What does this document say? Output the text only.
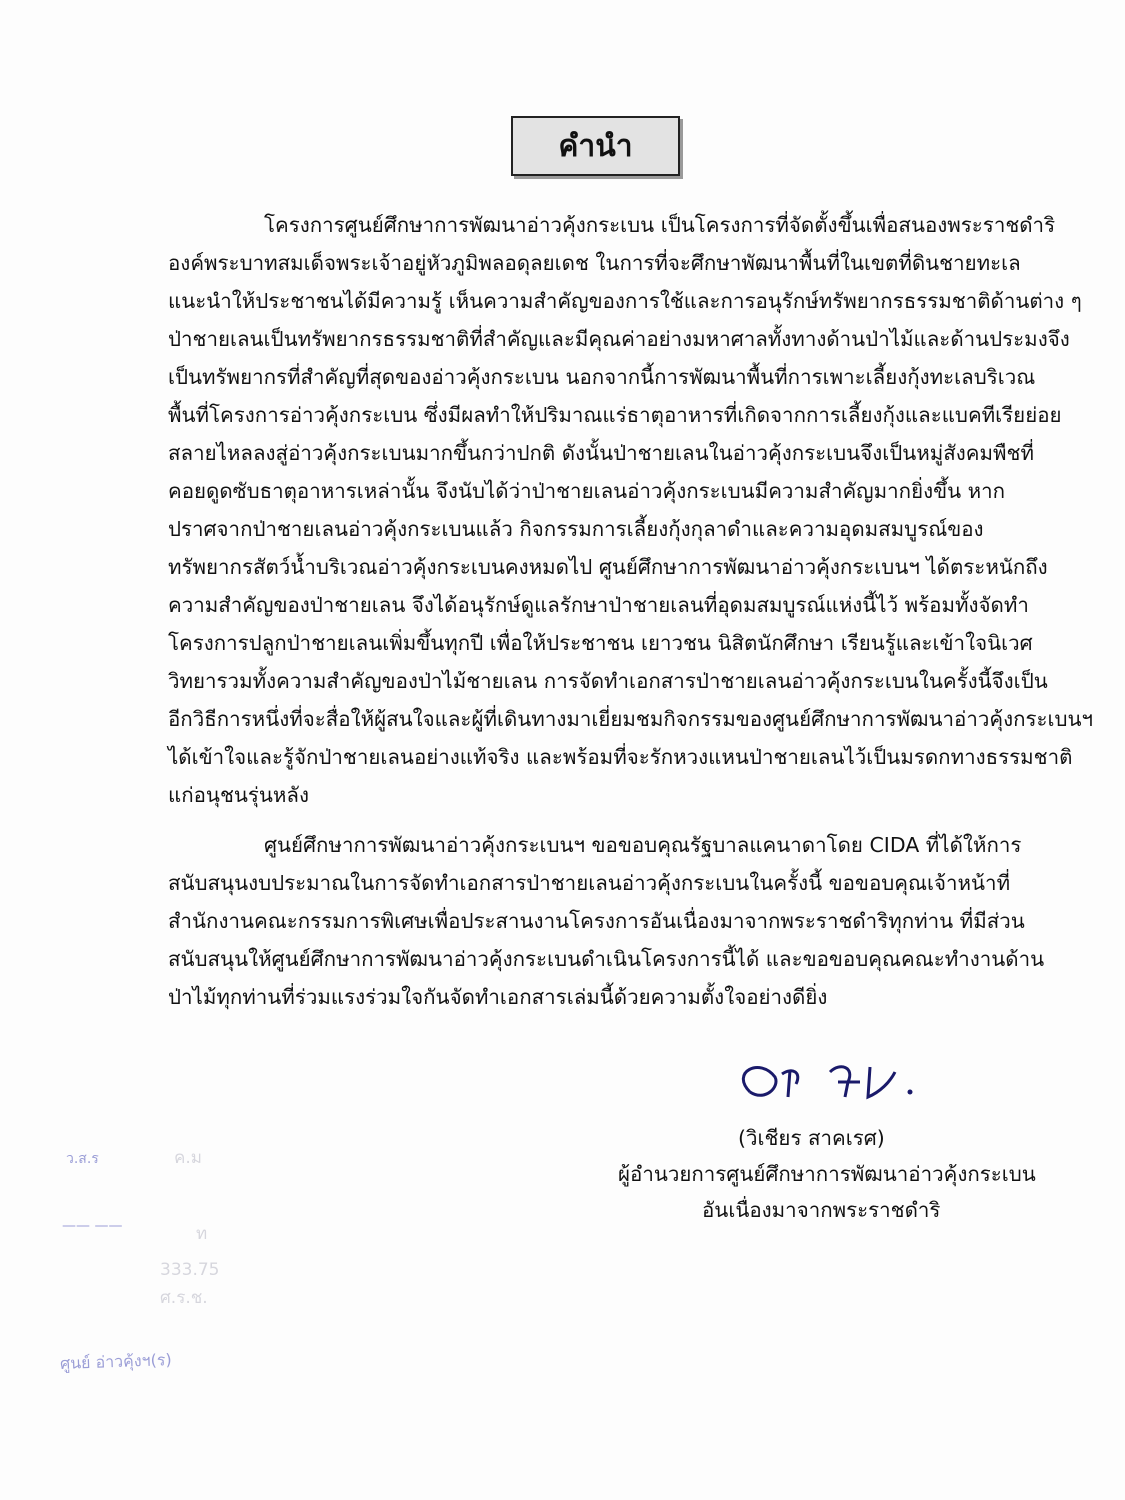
คำนำ

โครงการศูนย์ศึกษาการพัฒนาอ่าวคุ้งกระเบน เป็นโครงการที่จัดตั้งขึ้นเพื่อสนองพระราชดำริ
องค์พระบาทสมเด็จพระเจ้าอยู่หัวภูมิพลอดุลยเดช ในการที่จะศึกษาพัฒนาพื้นที่ในเขตที่ดินชายทะเล
แนะนำให้ประชาชนได้มีความรู้ เห็นความสำคัญของการใช้และการอนุรักษ์ทรัพยากรธรรมชาติด้านต่าง ๆ
ป่าชายเลนเป็นทรัพยากรธรรมชาติที่สำคัญและมีคุณค่าอย่างมหาศาลทั้งทางด้านป่าไม้และด้านประมงจึง
เป็นทรัพยากรที่สำคัญที่สุดของอ่าวคุ้งกระเบน นอกจากนี้การพัฒนาพื้นที่การเพาะเลี้ยงกุ้งทะเลบริเวณ
พื้นที่โครงการอ่าวคุ้งกระเบน ซึ่งมีผลทำให้ปริมาณแร่ธาตุอาหารที่เกิดจากการเลี้ยงกุ้งและแบคทีเรียย่อย
สลายไหลลงสู่อ่าวคุ้งกระเบนมากขึ้นกว่าปกติ ดังนั้นป่าชายเลนในอ่าวคุ้งกระเบนจึงเป็นหมู่สังคมพืชที่
คอยดูดซับธาตุอาหารเหล่านั้น จึงนับได้ว่าป่าชายเลนอ่าวคุ้งกระเบนมีความสำคัญมากยิ่งขึ้น หาก
ปราศจากป่าชายเลนอ่าวคุ้งกระเบนแล้ว กิจกรรมการเลี้ยงกุ้งกุลาดำและความอุดมสมบูรณ์ของ
ทรัพยากรสัตว์น้ำบริเวณอ่าวคุ้งกระเบนคงหมดไป ศูนย์ศึกษาการพัฒนาอ่าวคุ้งกระเบนฯ ได้ตระหนักถึง
ความสำคัญของป่าชายเลน จึงได้อนุรักษ์ดูแลรักษาป่าชายเลนที่อุดมสมบูรณ์แห่งนี้ไว้ พร้อมทั้งจัดทำ
โครงการปลูกป่าชายเลนเพิ่มขึ้นทุกปี เพื่อให้ประชาชน เยาวชน นิสิตนักศึกษา เรียนรู้และเข้าใจนิเวศ
วิทยารวมทั้งความสำคัญของป่าไม้ชายเลน การจัดทำเอกสารป่าชายเลนอ่าวคุ้งกระเบนในครั้งนี้จึงเป็น
อีกวิธีการหนึ่งที่จะสื่อให้ผู้สนใจและผู้ที่เดินทางมาเยี่ยมชมกิจกรรมของศูนย์ศึกษาการพัฒนาอ่าวคุ้งกระเบนฯ
ได้เข้าใจและรู้จักป่าชายเลนอย่างแท้จริง และพร้อมที่จะรักหวงแหนป่าชายเลนไว้เป็นมรดกทางธรรมชาติ
แก่อนุชนรุ่นหลัง

ศูนย์ศึกษาการพัฒนาอ่าวคุ้งกระเบนฯ ขอขอบคุณรัฐบาลแคนาดาโดย CIDA ที่ได้ให้การ
สนับสนุนงบประมาณในการจัดทำเอกสารป่าชายเลนอ่าวคุ้งกระเบนในครั้งนี้ ขอขอบคุณเจ้าหน้าที่
สำนักงานคณะกรรมการพิเศษเพื่อประสานงานโครงการอันเนื่องมาจากพระราชดำริทุกท่าน ที่มีส่วน
สนับสนุนให้ศูนย์ศึกษาการพัฒนาอ่าวคุ้งกระเบนดำเนินโครงการนี้ได้ และขอขอบคุณคณะทำงานด้าน
ป่าไม้ทุกท่านที่ร่วมแรงร่วมใจกันจัดทำเอกสารเล่มนี้ด้วยความตั้งใจอย่างดียิ่ง

(วิเชียร สาคเรศ)
ผู้อำนวยการศูนย์ศึกษาการพัฒนาอ่าวคุ้งกระเบน
อันเนื่องมาจากพระราชดำริ
ว.ส.ร	ค.ม
—— ——	ท
333.75
ศ.ร.ช.
ศูนย์ อ่าวคุ้งฯ(ร)
